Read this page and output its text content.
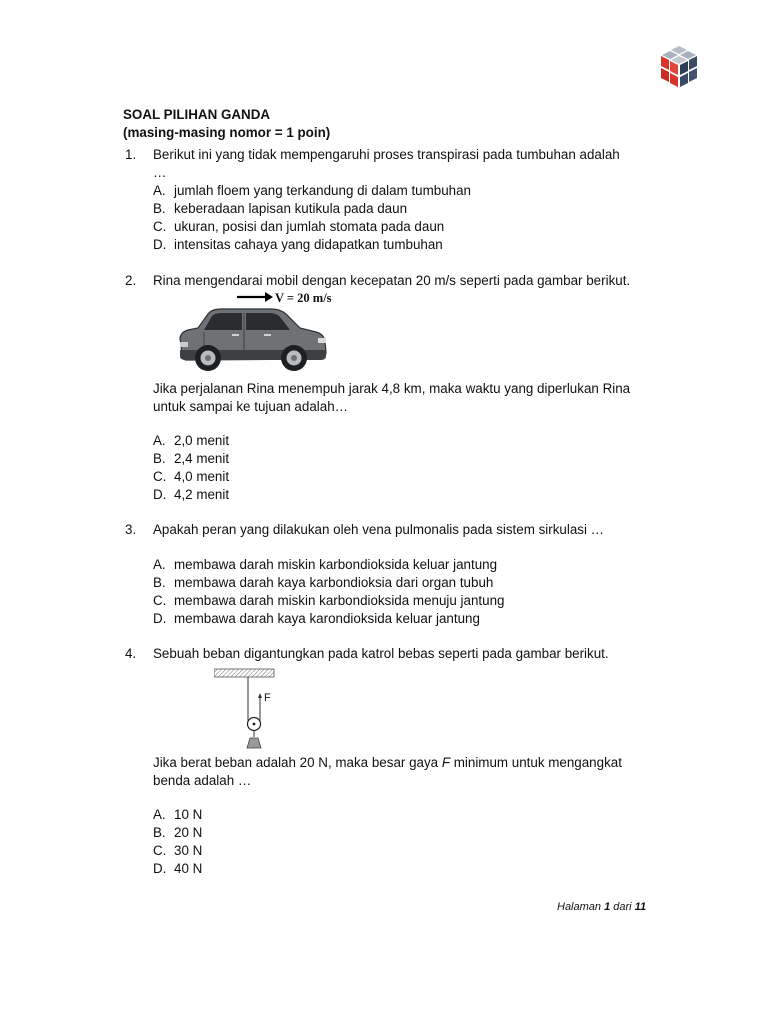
SOAL PILIHAN GANDA
(masing-masing nomor = 1 poin)
1. Berikut ini yang tidak mempengaruhi proses transpirasi pada tumbuhan adalah
…
A. jumlah floem yang terkandung di dalam tumbuhan
B. keberadaan lapisan kutikula pada daun
C. ukuran, posisi dan jumlah stomata pada daun
D. intensitas cahaya yang didapatkan tumbuhan
2. Rina mengendarai mobil dengan kecepatan 20 m/s seperti pada gambar berikut.
V = 20 m/s
Jika perjalanan Rina menempuh jarak 4,8 km, maka waktu yang diperlukan Rina
untuk sampai ke tujuan adalah…
A. 2,0 menit
B. 2,4 menit
C. 4,0 menit
D. 4,2 menit
3. Apakah peran yang dilakukan oleh vena pulmonalis pada sistem sirkulasi …
A. membawa darah miskin karbondioksida keluar jantung
B. membawa darah kaya karbondioksia dari organ tubuh
C. membawa darah miskin karbondioksida menuju jantung
D. membawa darah kaya karondioksida keluar jantung
4. Sebuah beban digantungkan pada katrol bebas seperti pada gambar berikut.
F
Jika berat beban adalah 20 N, maka besar gaya F minimum untuk mengangkat
benda adalah …
A. 10 N
B. 20 N
C. 30 N
D. 40 N
Halaman 1 dari 11
